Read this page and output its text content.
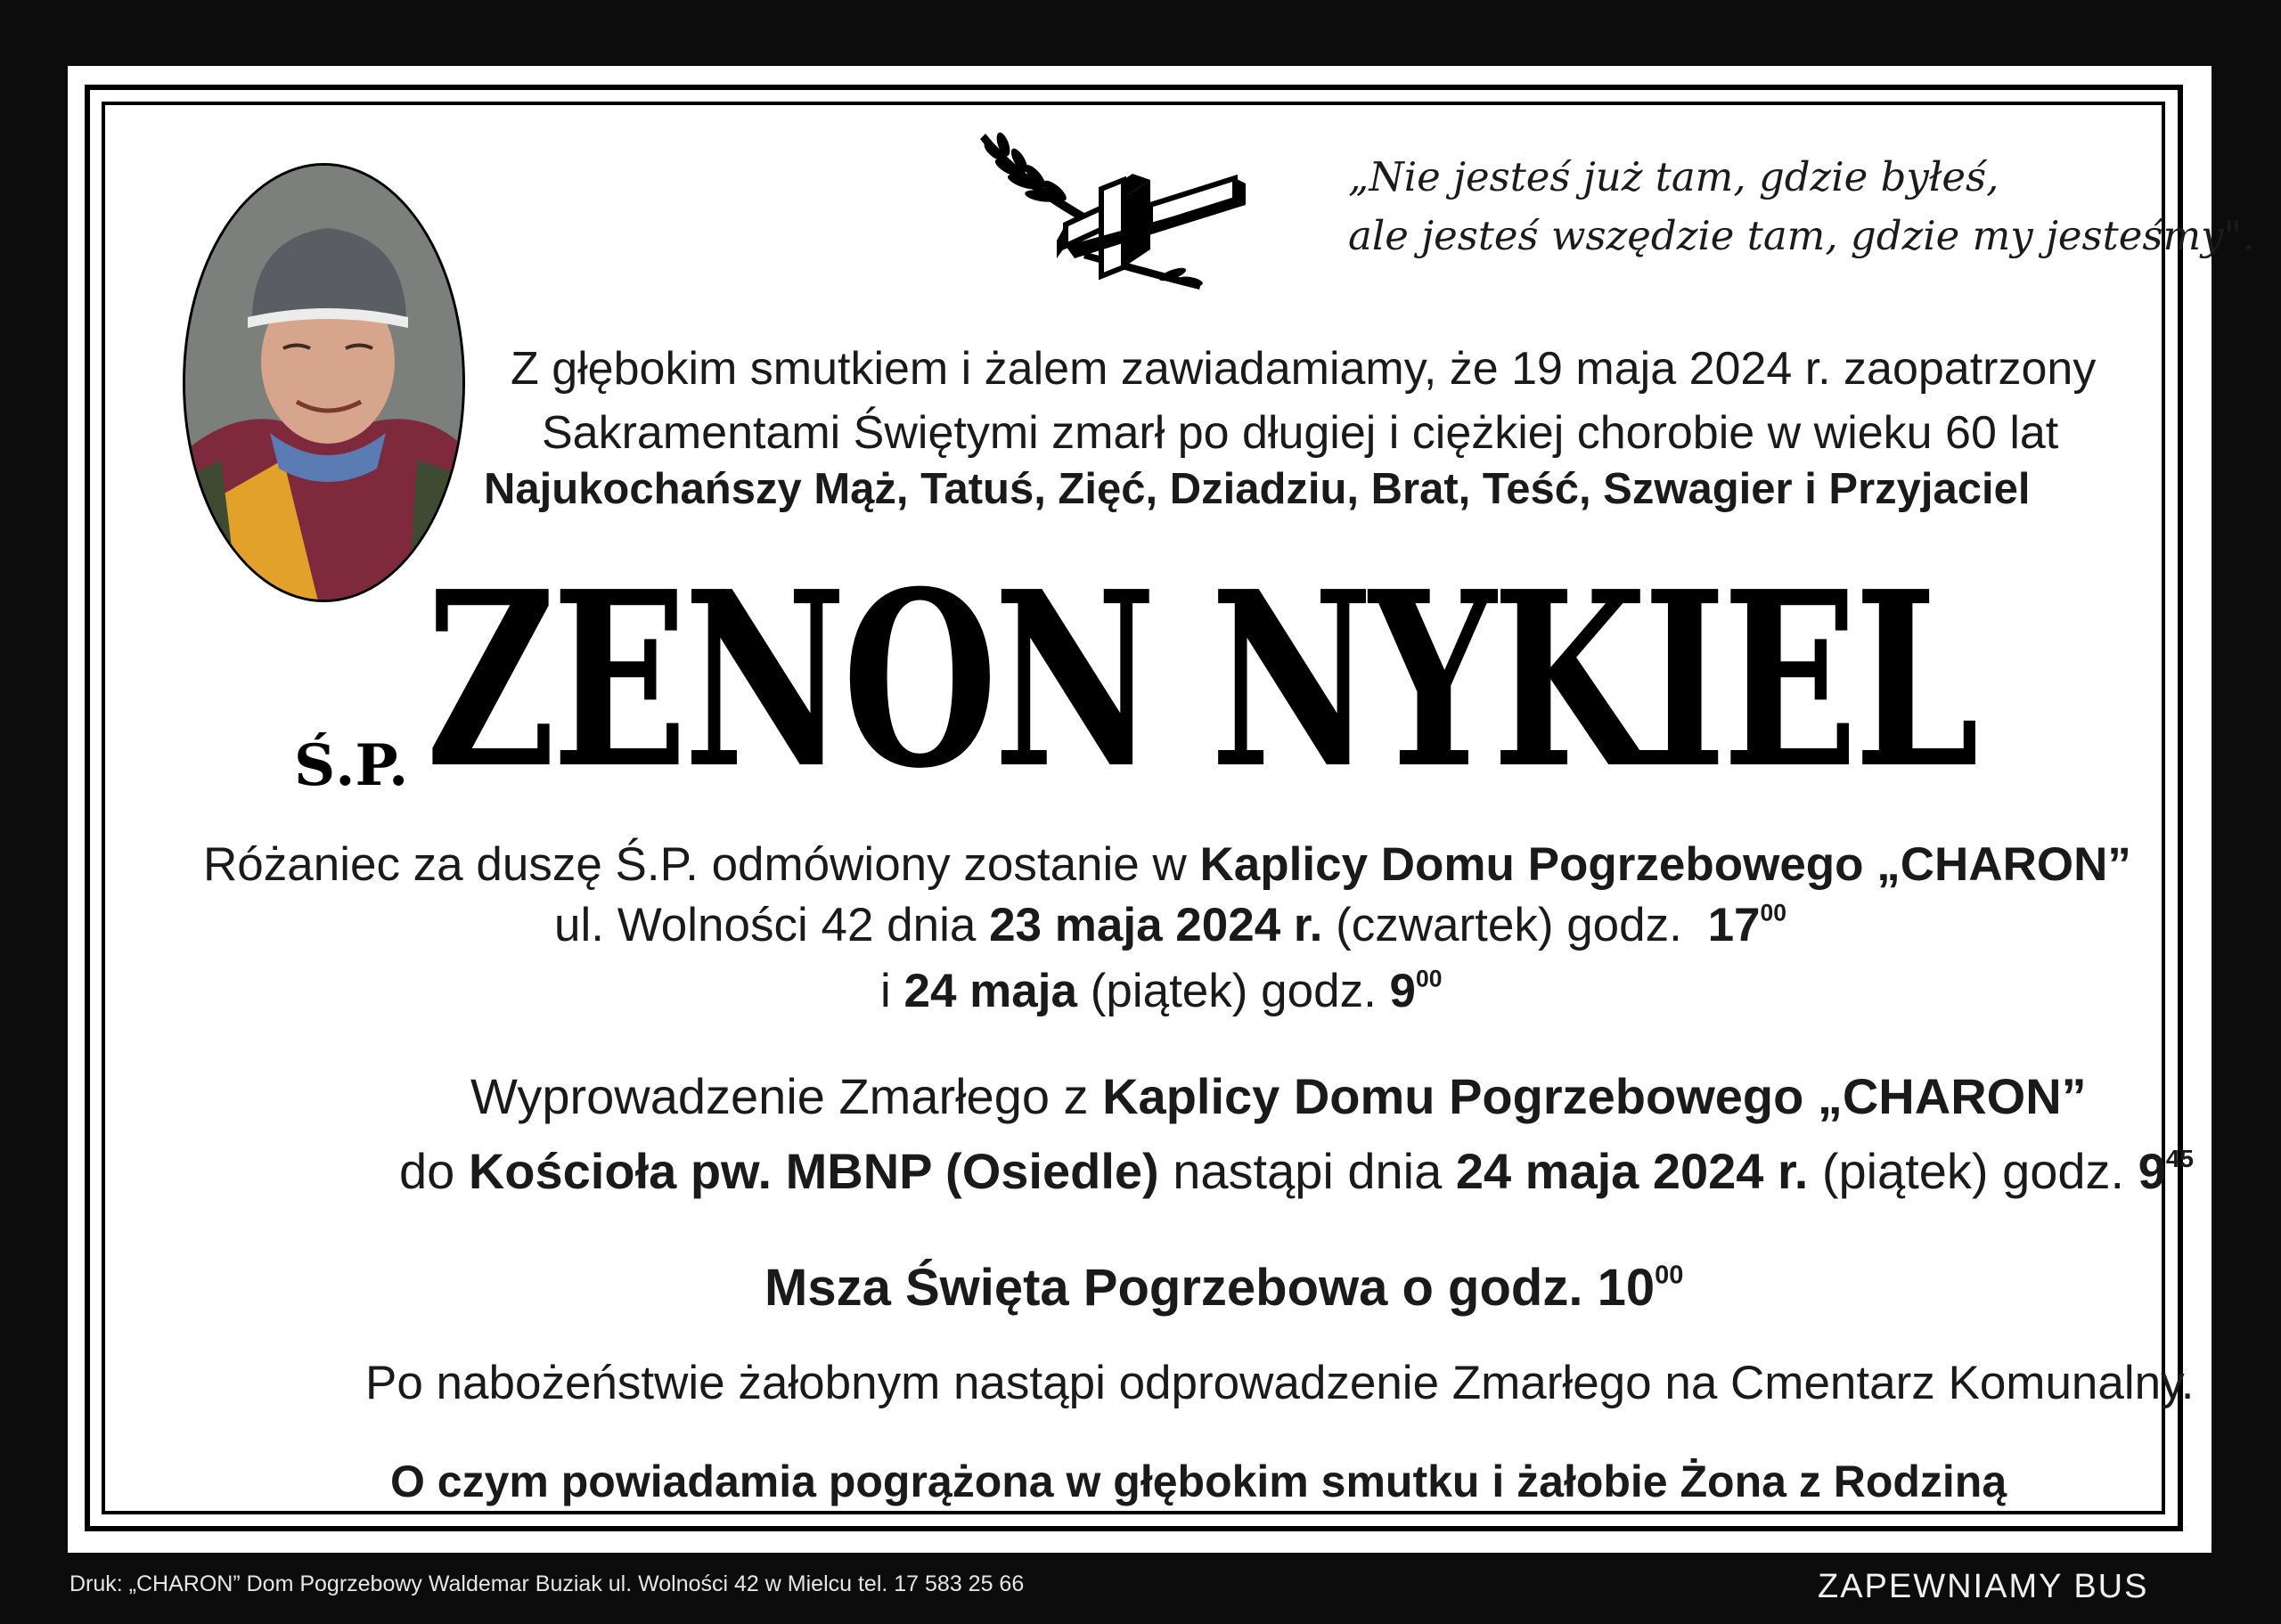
„Nie jesteś już tam, gdzie byłeś,
ale jesteś wszędzie tam, gdzie my jesteśmy".
Z głębokim smutkiem i żalem zawiadamiamy, że 19 maja 2024 r. zaopatrzony
Sakramentami Świętymi zmarł po długiej i ciężkiej chorobie w wieku 60 lat
Najukochańszy Mąż, Tatuś, Zięć, Dziadziu, Brat, Teść, Szwagier i Przyjaciel
Ś.P. ZENON NYKIEL
Różaniec za duszę Ś.P. odmówiony zostanie w Kaplicy Domu Pogrzebowego „CHARON”
ul. Wolności 42 dnia 23 maja 2024 r. (czwartek) godz. $17^{00}$
i 24 maja (piątek) godz. $9^{00}$
Wyprowadzenie Zmarłego z Kaplicy Domu Pogrzebowego „CHARON”
do Kościoła pw. MBNP (Osiedle) nastąpi dnia 24 maja 2024 r. (piątek) godz. $9^{45}$
Msza Święta Pogrzebowa o godz. $10^{00}$
Po nabożeństwie żałobnym nastąpi odprowadzenie Zmarłego na Cmentarz Komunalny.
O czym powiadamia pogrążona w głębokim smutku i żałobie Żona z Rodziną
Druk: „CHARON” Dom Pogrzebowy Waldemar Buziak ul. Wolności 42 w Mielcu tel. 17 583 25 66	ZAPEWNIAMY BUS
